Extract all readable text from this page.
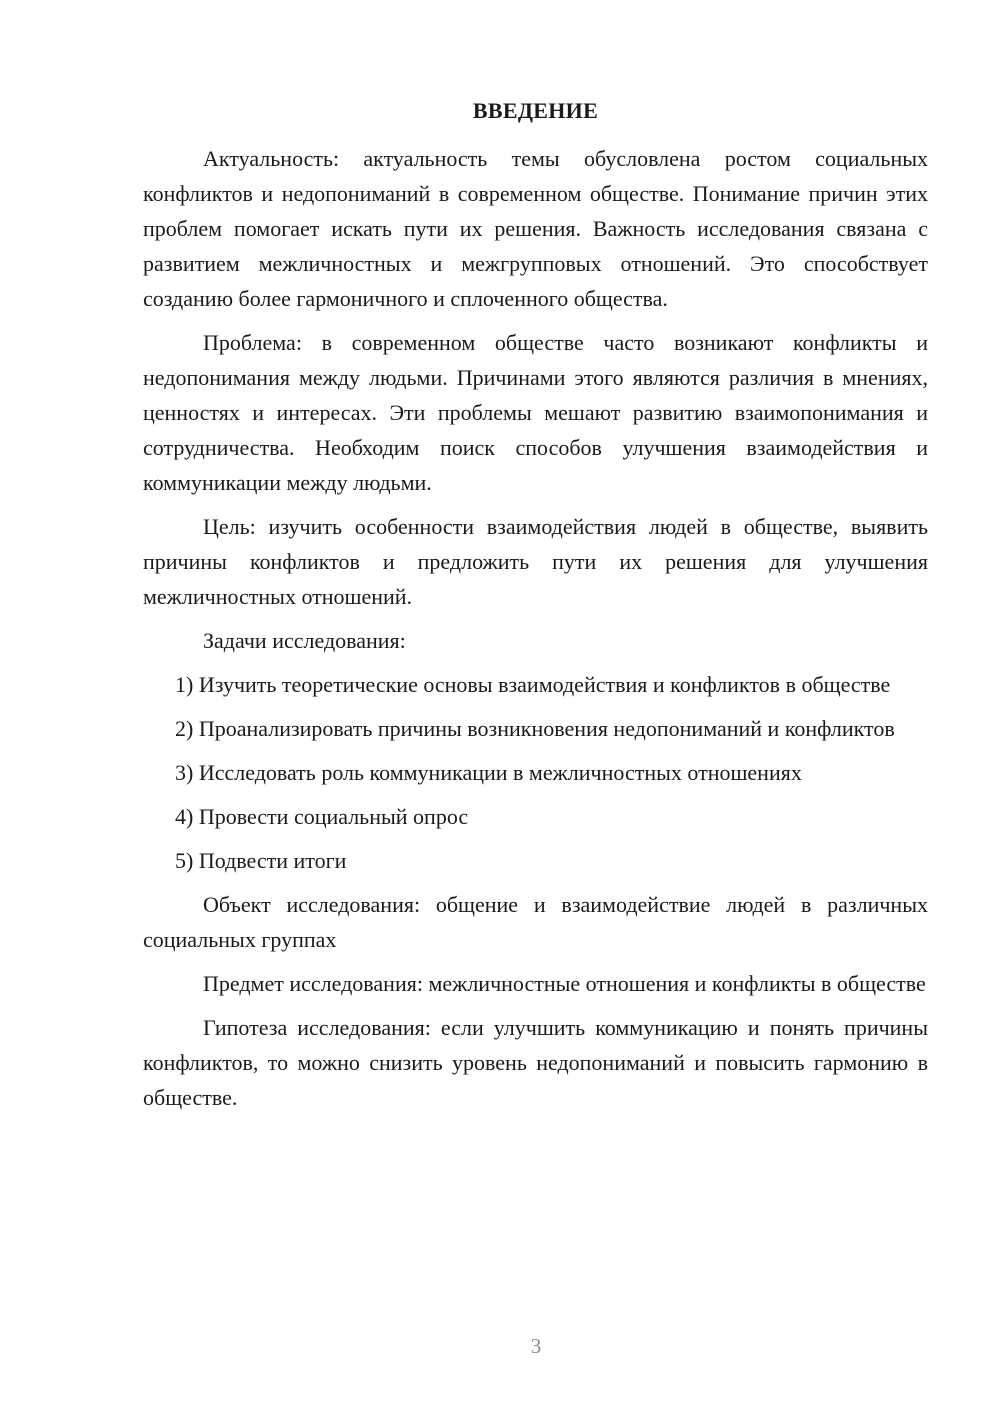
ВВЕДЕНИЕ

Актуальность: актуальность темы обусловлена ростом социальных конфликтов и недопониманий в современном обществе. Понимание причин этих проблем помогает искать пути их решения. Важность исследования связана с развитием межличностных и межгрупповых отношений. Это способствует созданию более гармоничного и сплоченного общества.

Проблема: в современном обществе часто возникают конфликты и недопонимания между людьми. Причинами этого являются различия в мнениях, ценностях и интересах. Эти проблемы мешают развитию взаимопонимания и сотрудничества. Необходим поиск способов улучшения взаимодействия и коммуникации между людьми.

Цель: изучить особенности взаимодействия людей в обществе, выявить причины конфликтов и предложить пути их решения для улучшения межличностных отношений.

Задачи исследования:

1) Изучить теоретические основы взаимодействия и конфликтов в обществе

2) Проанализировать причины возникновения недопониманий и конфликтов

3) Исследовать роль коммуникации в межличностных отношениях

4) Провести социальный опрос

5) Подвести итоги

Объект исследования: общение и взаимодействие людей в различных социальных группах

Предмет исследования: межличностные отношения и конфликты в обществе

Гипотеза исследования: если улучшить коммуникацию и понять причины конфликтов, то можно снизить уровень недопониманий и повысить гармонию в обществе.

3
